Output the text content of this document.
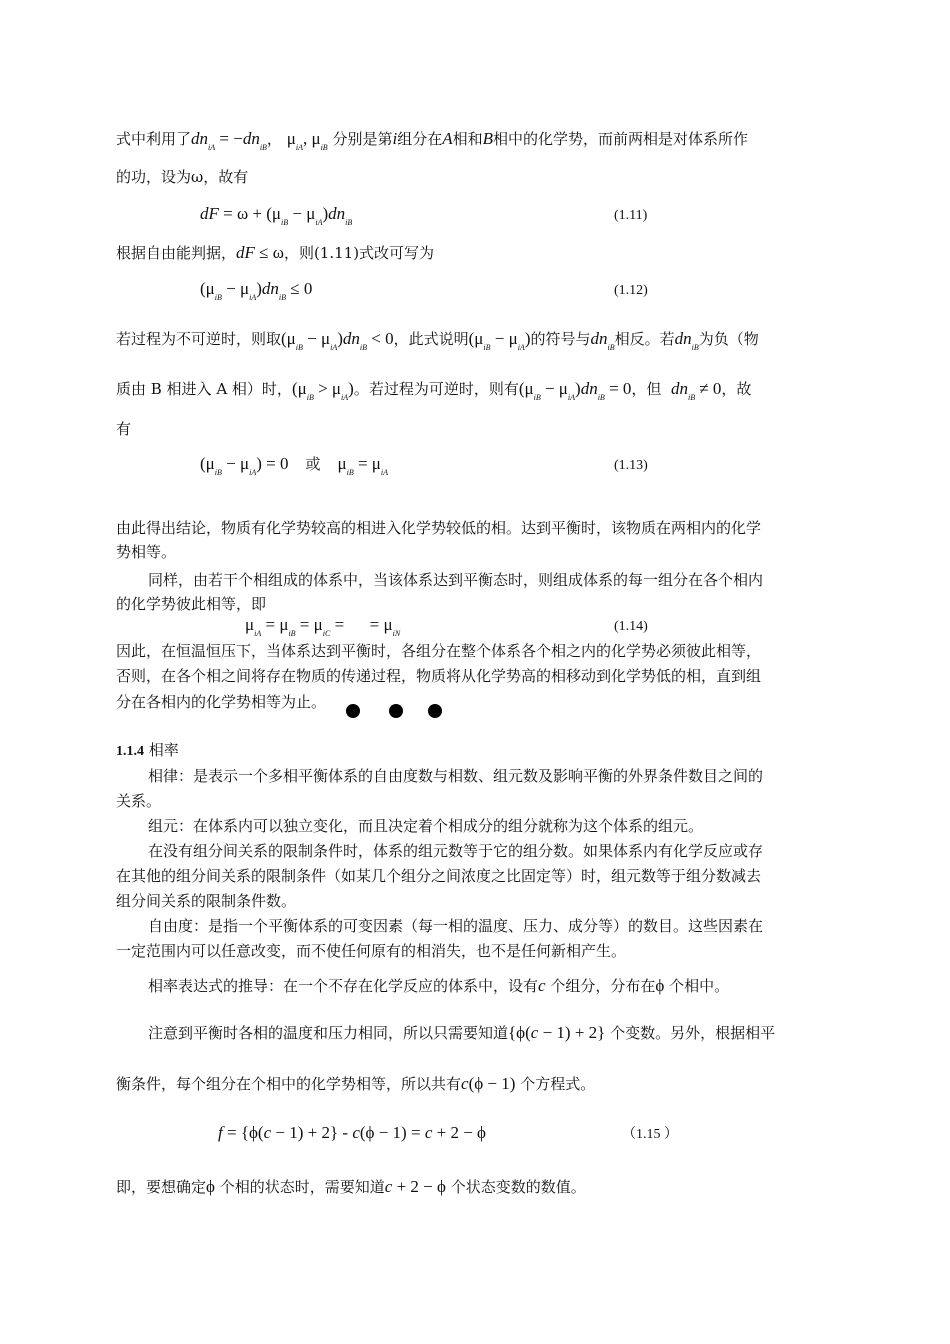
式中利用了$dn_{iA} = -dn_{iB}$， $\mu_{iA}$, $\mu_{iB}$ 分别是第i组分在A相和B相中的化学势，而前两相是对体系所作
的功，设为ω，故有
dF = $\omega + (\mu_{iB} - \mu_{iA})dn_{iB}$	(1.11)
根据自由能判据，dF ≤ ω，则(1.11)式改可写为
$(\mu_{iB} - \mu_{iA})dn_{iB} \le 0$	(1.12)
若过程为不可逆时，则取$(\mu_{iB} - \mu_{iA})dn_{iB} < 0$，此式说明$(\mu_{iB} - \mu_{iA})$的符号与$dn_{iB}$相反。若$dn_{iB}$为负（物
质由 B 相进入 A 相）时，$(\mu_{iB} > \mu_{iA})$。若过程为可逆时，则有$(\mu_{iB} - \mu_{iA})dn_{iB} = 0$，但 $dn_{iB} \ne 0$，故
有
$(\mu_{iB} - \mu_{iA}) = 0$    或    $\mu_{iB} = \mu_{iA}$	(1.13)
由此得出结论，物质有化学势较高的相进入化学势较低的相。达到平衡时，该物质在两相内的化学
势相等。
同样，由若干个相组成的体系中，当该体系达到平衡态时，则组成体系的每一组分在各个相内
的化学势彼此相等，即
$\mu_{iA} = \mu_{iB} = \mu_{iC}$ =      = $\mu_{iN}$	(1.14)
因此，在恒温恒压下，当体系达到平衡时，各组分在整个体系各个相之内的化学势必须彼此相等，
否则，在各个相之间将存在物质的传递过程，物质将从化学势高的相移动到化学势低的相，直到组
分在各相内的化学势相等为止。
1.1.4 相率
相律：是表示一个多相平衡体系的自由度数与相数、组元数及影响平衡的外界条件数目之间的
关系。
组元：在体系内可以独立变化，而且决定着个相成分的组分就称为这个体系的组元。
在没有组分间关系的限制条件时，体系的组元数等于它的组分数。如果体系内有化学反应或存
在其他的组分间关系的限制条件（如某几个组分之间浓度之比固定等）时，组元数等于组分数减去
组分间关系的限制条件数。
自由度：是指一个平衡体系的可变因素（每一相的温度、压力、成分等）的数目。这些因素在
一定范围内可以任意改变，而不使任何原有的相消失，也不是任何新相产生。
相率表达式的推导：在一个不存在化学反应的体系中，设有c 个组分，分布在ϕ 个相中。
注意到平衡时各相的温度和压力相同，所以只需要知道{ϕ(c − 1) + 2} 个变数。另外，根据相平
衡条件，每个组分在个相中的化学势相等，所以共有c(ϕ − 1) 个方程式。
f = {ϕ(c − 1) + 2} - c(ϕ − 1) = c + 2 − ϕ	（1.15 ）
即，要想确定ϕ 个相的状态时，需要知道c + 2 − ϕ 个状态变数的数值。
